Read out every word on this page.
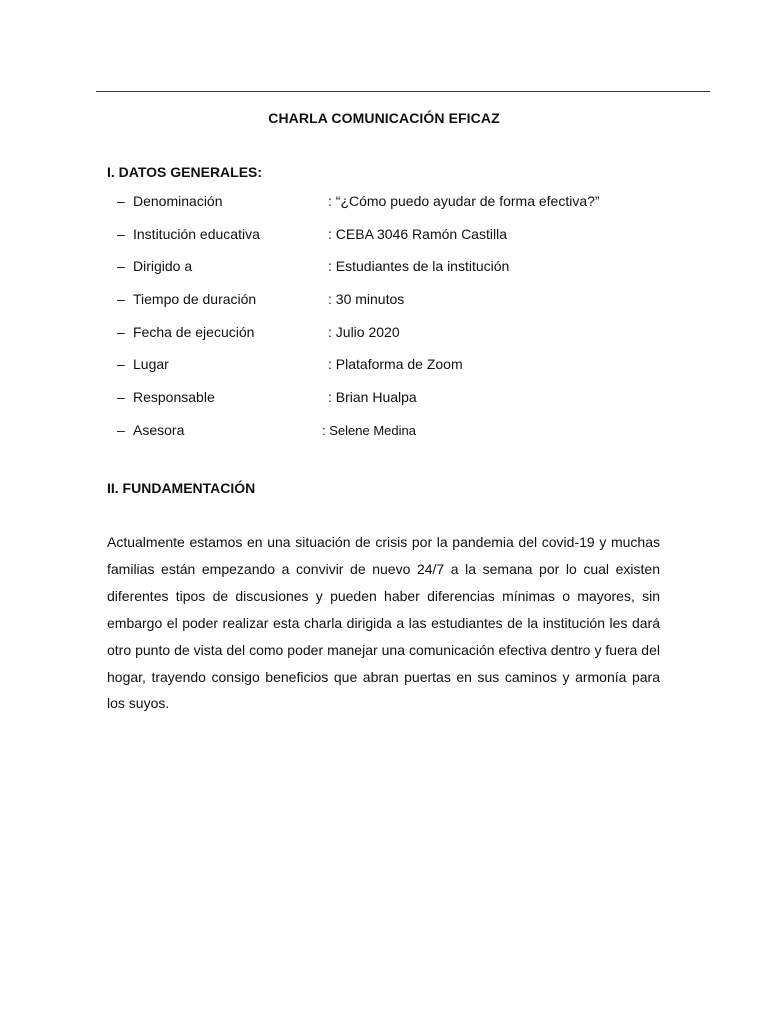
CHARLA COMUNICACIÓN EFICAZ
I. DATOS GENERALES:
– Denominación	: “¿Cómo puedo ayudar de forma efectiva?”
– Institución educativa	: CEBA 3046 Ramón Castilla
– Dirigido a	: Estudiantes de la institución
– Tiempo de duración	: 30 minutos
– Fecha de ejecución	: Julio 2020
– Lugar	: Plataforma de Zoom
– Responsable	: Brian Hualpa
– Asesora	: Selene Medina
II. FUNDAMENTACIÓN
Actualmente estamos en una situación de crisis por la pandemia del covid-19 y muchas familias están empezando a convivir de nuevo 24/7 a la semana por lo cual existen diferentes tipos de discusiones y pueden haber diferencias mínimas o mayores, sin embargo el poder realizar esta charla dirigida a las estudiantes de la institución les dará otro punto de vista del como poder manejar una comunicación efectiva dentro y fuera del hogar, trayendo consigo beneficios que abran puertas en sus caminos y armonía para los suyos.
